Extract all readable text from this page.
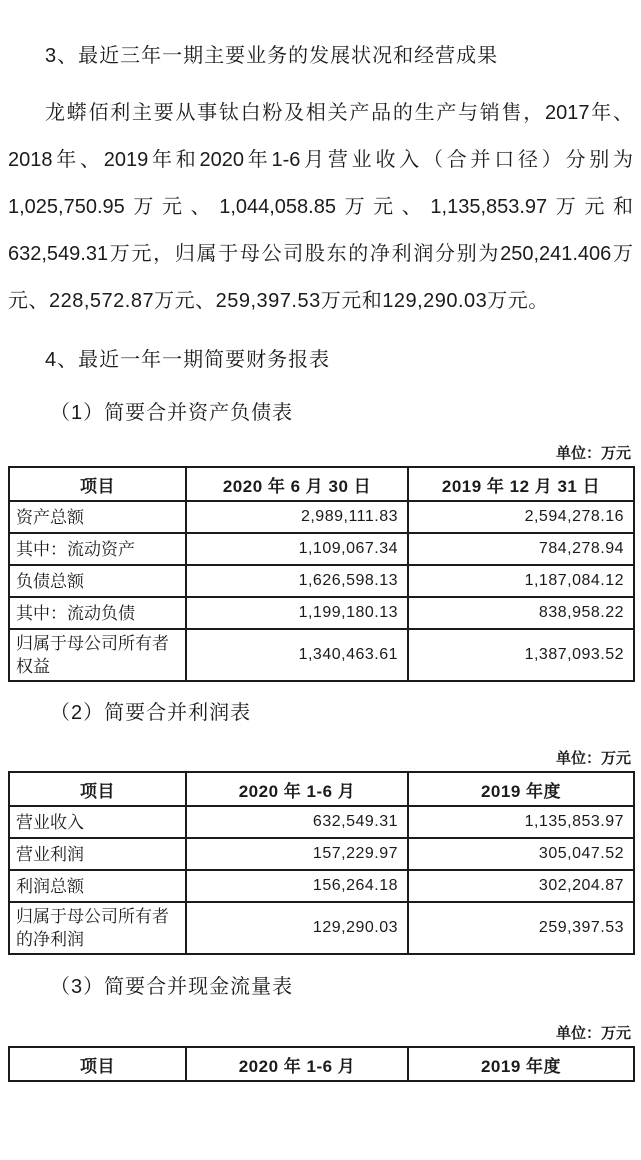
3、最近三年一期主要业务的发展状况和经营成果
龙蟒佰利主要从事钛白粉及相关产品的生产与销售，2017年、
2018年、2019年和2020年1-6月营业收入（合并口径）分别为
1,025,750.95万元、1,044,058.85万元、1,135,853.97万元和
632,549.31万元，归属于母公司股东的净利润分别为250,241.406万
元、228,572.87万元、259,397.53万元和129,290.03万元。
4、最近一年一期简要财务报表
（1）简要合并资产负债表
单位：万元
项目	2020 年 6 月 30 日	2019 年 12 月 31 日
资产总额	2,989,111.83	2,594,278.16
其中：流动资产	1,109,067.34	784,278.94
负债总额	1,626,598.13	1,187,084.12
其中：流动负债	1,199,180.13	838,958.22
归属于母公司所有者权益	1,340,463.61	1,387,093.52
（2）简要合并利润表
单位：万元
项目	2020 年 1-6 月	2019 年度
营业收入	632,549.31	1,135,853.97
营业利润	157,229.97	305,047.52
利润总额	156,264.18	302,204.87
归属于母公司所有者的净利润	129,290.03	259,397.53
（3）简要合并现金流量表
单位：万元
项目	2020 年 1-6 月	2019 年度
